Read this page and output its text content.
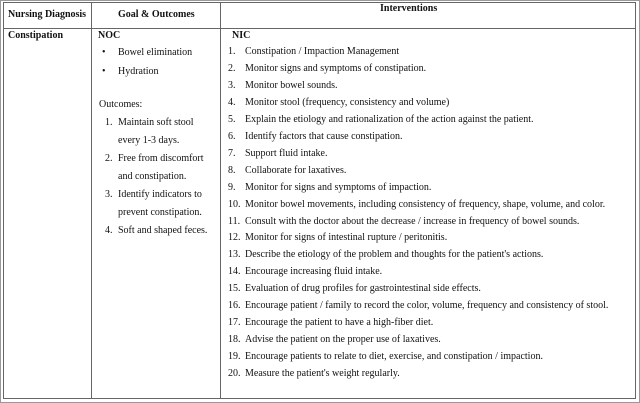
Nursing Diagnosis	Goal & Outcomes
Interventions
Constipation	NOC
• Bowel elimination
• Hydration
Outcomes:
1. Maintain soft stool
every 1-3 days.
2. Free from discomfort
and constipation.
3. Identify indicators to
prevent constipation.
4. Soft and shaped feces.
NIC
1. Constipation / Impaction Management
2. Monitor signs and symptoms of constipation.
3. Monitor bowel sounds.
4. Monitor stool (frequency, consistency and volume)
5. Explain the etiology and rationalization of the action against the patient.
6. Identify factors that cause constipation.
7. Support fluid intake.
8. Collaborate for laxatives.
9. Monitor for signs and symptoms of impaction.
10. Monitor bowel movements, including consistency of frequency, shape, volume, and color.
11. Consult with the doctor about the decrease / increase in frequency of bowel sounds.
12. Monitor for signs of intestinal rupture / peritonitis.
13. Describe the etiology of the problem and thoughts for the patient's actions.
14. Encourage increasing fluid intake.
15. Evaluation of drug profiles for gastrointestinal side effects.
16. Encourage patient / family to record the color, volume, frequency and consistency of stool.
17. Encourage the patient to have a high-fiber diet.
18. Advise the patient on the proper use of laxatives.
19. Encourage patients to relate to diet, exercise, and constipation / impaction.
20. Measure the patient's weight regularly.
